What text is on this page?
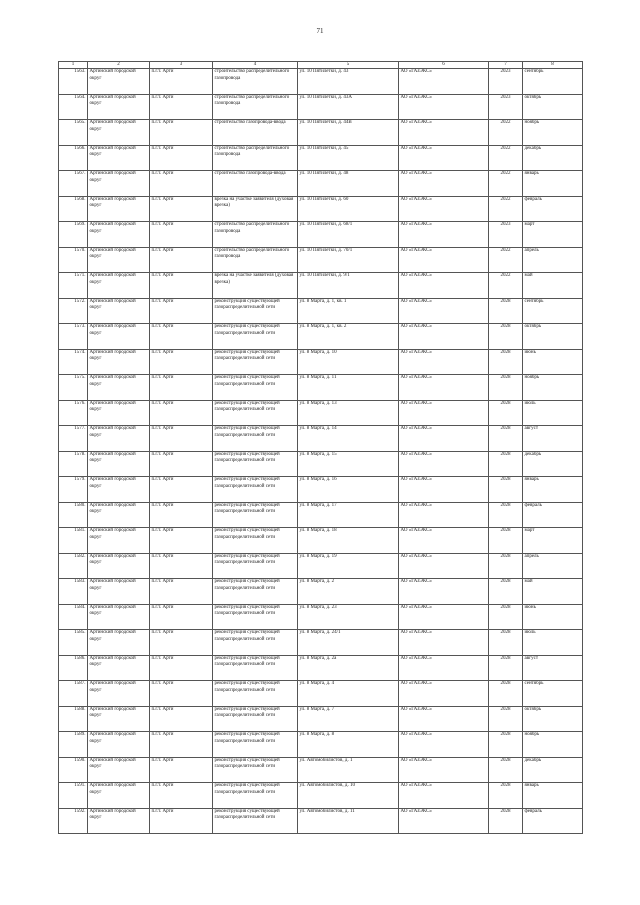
71
1	2	3	4	5	6	7	8
1563.	Артинский городской округ	п.г.т. Арти	строительство распределительного газопровода	ул. 10 Пятилетки, д. 43	АО «ГАЗЭКС»	2023	сентябрь
1564.	Артинский городской округ	п.г.т. Арти	строительство распределительного газопровода	ул. 10 Пятилетки, д. 43А	АО «ГАЗЭКС»	2023	октябрь
1565.	Артинский городской округ	п.г.т. Арти	строительство газопровода-ввода	ул. 10 Пятилетки, д. 44В	АО «ГАЗЭКС»	2022	ноябрь
1566.	Артинский городской округ	п.г.т. Арти	строительство распределительного газопровода	ул. 10 Пятилетки, д. 45	АО «ГАЗЭКС»	2022	декабрь
1567.	Артинский городской округ	п.г.т. Арти	строительство газопровода-ввода	ул. 10 Пятилетки, д. 48	АО «ГАЗЭКС»	2022	январь
1568.	Артинский городской округ	п.г.т. Арти	врезка на участке заявителя (духовая врезка)	ул. 10 Пятилетки, д. 60	АО «ГАЗЭКС»	2022	февраль
1569.	Артинский городской округ	п.г.т. Арти	строительство распределительного газопровода	ул. 10 Пятилетки, д. 68/1	АО «ГАЗЭКС»	2023	март
1570.	Артинский городской округ	п.г.т. Арти	строительство распределительного газопровода	ул. 10 Пятилетки, д. 70/1	АО «ГАЗЭКС»	2022	апрель
1571.	Артинский городской округ	п.г.т. Арти	врезка на участке заявителя (духовая врезка)	ул. 10 Пятилетки, д. 9/1	АО «ГАЗЭКС»	2022	май
1572.	Артинский городской округ	п.г.т. Арти	реконструкция существующей газораспределительной сети	ул. 8 Марта, д. 1, кв. 1	АО «ГАЗЭКС»	2028	сентябрь
1573.	Артинский городской округ	п.г.т. Арти	реконструкция существующей газораспределительной сети	ул. 8 Марта, д. 1, кв. 2	АО «ГАЗЭКС»	2028	октябрь
1574.	Артинский городской округ	п.г.т. Арти	реконструкция существующей газораспределительной сети	ул. 8 Марта, д. 10	АО «ГАЗЭКС»	2028	июнь
1575.	Артинский городской округ	п.г.т. Арти	реконструкция существующей газораспределительной сети	ул. 8 Марта, д. 11	АО «ГАЗЭКС»	2028	ноябрь
1576.	Артинский городской округ	п.г.т. Арти	реконструкция существующей газораспределительной сети	ул. 8 Марта, д. 13	АО «ГАЗЭКС»	2028	июль
1577.	Артинский городской округ	п.г.т. Арти	реконструкция существующей газораспределительной сети	ул. 8 Марта, д. 14	АО «ГАЗЭКС»	2028	август
1578.	Артинский городской округ	п.г.т. Арти	реконструкция существующей газораспределительной сети	ул. 8 Марта, д. 15	АО «ГАЗЭКС»	2028	декабрь
1579.	Артинский городской округ	п.г.т. Арти	реконструкция существующей газораспределительной сети	ул. 8 Марта, д. 16	АО «ГАЗЭКС»	2028	январь
1580.	Артинский городской округ	п.г.т. Арти	реконструкция существующей газораспределительной сети	ул. 8 Марта, д. 17	АО «ГАЗЭКС»	2028	февраль
1581.	Артинский городской округ	п.г.т. Арти	реконструкция существующей газораспределительной сети	ул. 8 Марта, д. 18	АО «ГАЗЭКС»	2028	март
1582.	Артинский городской округ	п.г.т. Арти	реконструкция существующей газораспределительной сети	ул. 8 Марта, д. 19	АО «ГАЗЭКС»	2028	апрель
1583.	Артинский городской округ	п.г.т. Арти	реконструкция существующей газораспределительной сети	ул. 8 Марта, д. 2	АО «ГАЗЭКС»	2028	май
1584.	Артинский городской округ	п.г.т. Арти	реконструкция существующей газораспределительной сети	ул. 8 Марта, д. 23	АО «ГАЗЭКС»	2028	июнь
1585.	Артинский городской округ	п.г.т. Арти	реконструкция существующей газораспределительной сети	ул. 8 Марта, д. 24/1	АО «ГАЗЭКС»	2028	июль
1586.	Артинский городской округ	п.г.т. Арти	реконструкция существующей газораспределительной сети	ул. 8 Марта, д. 2а	АО «ГАЗЭКС»	2028	август
1587.	Артинский городской округ	п.г.т. Арти	реконструкция существующей газораспределительной сети	ул. 8 Марта, д. 4	АО «ГАЗЭКС»	2028	сентябрь
1588.	Артинский городской округ	п.г.т. Арти	реконструкция существующей газораспределительной сети	ул. 8 Марта, д. 7	АО «ГАЗЭКС»	2028	октябрь
1589.	Артинский городской округ	п.г.т. Арти	реконструкция существующей газораспределительной сети	ул. 8 Марта, д. 8	АО «ГАЗЭКС»	2028	ноябрь
1590.	Артинский городской округ	п.г.т. Арти	реконструкция существующей газораспределительной сети	ул. Автомобилистов, д. 1	АО «ГАЗЭКС»	2028	декабрь
1591.	Артинский городской округ	п.г.т. Арти	реконструкция существующей газораспределительной сети	ул. Автомобилистов, д. 10	АО «ГАЗЭКС»	2028	январь
1592.	Артинский городской округ	п.г.т. Арти	реконструкция существующей газораспределительной сети	ул. Автомобилистов, д. 11	АО «ГАЗЭКС»	2028	февраль
